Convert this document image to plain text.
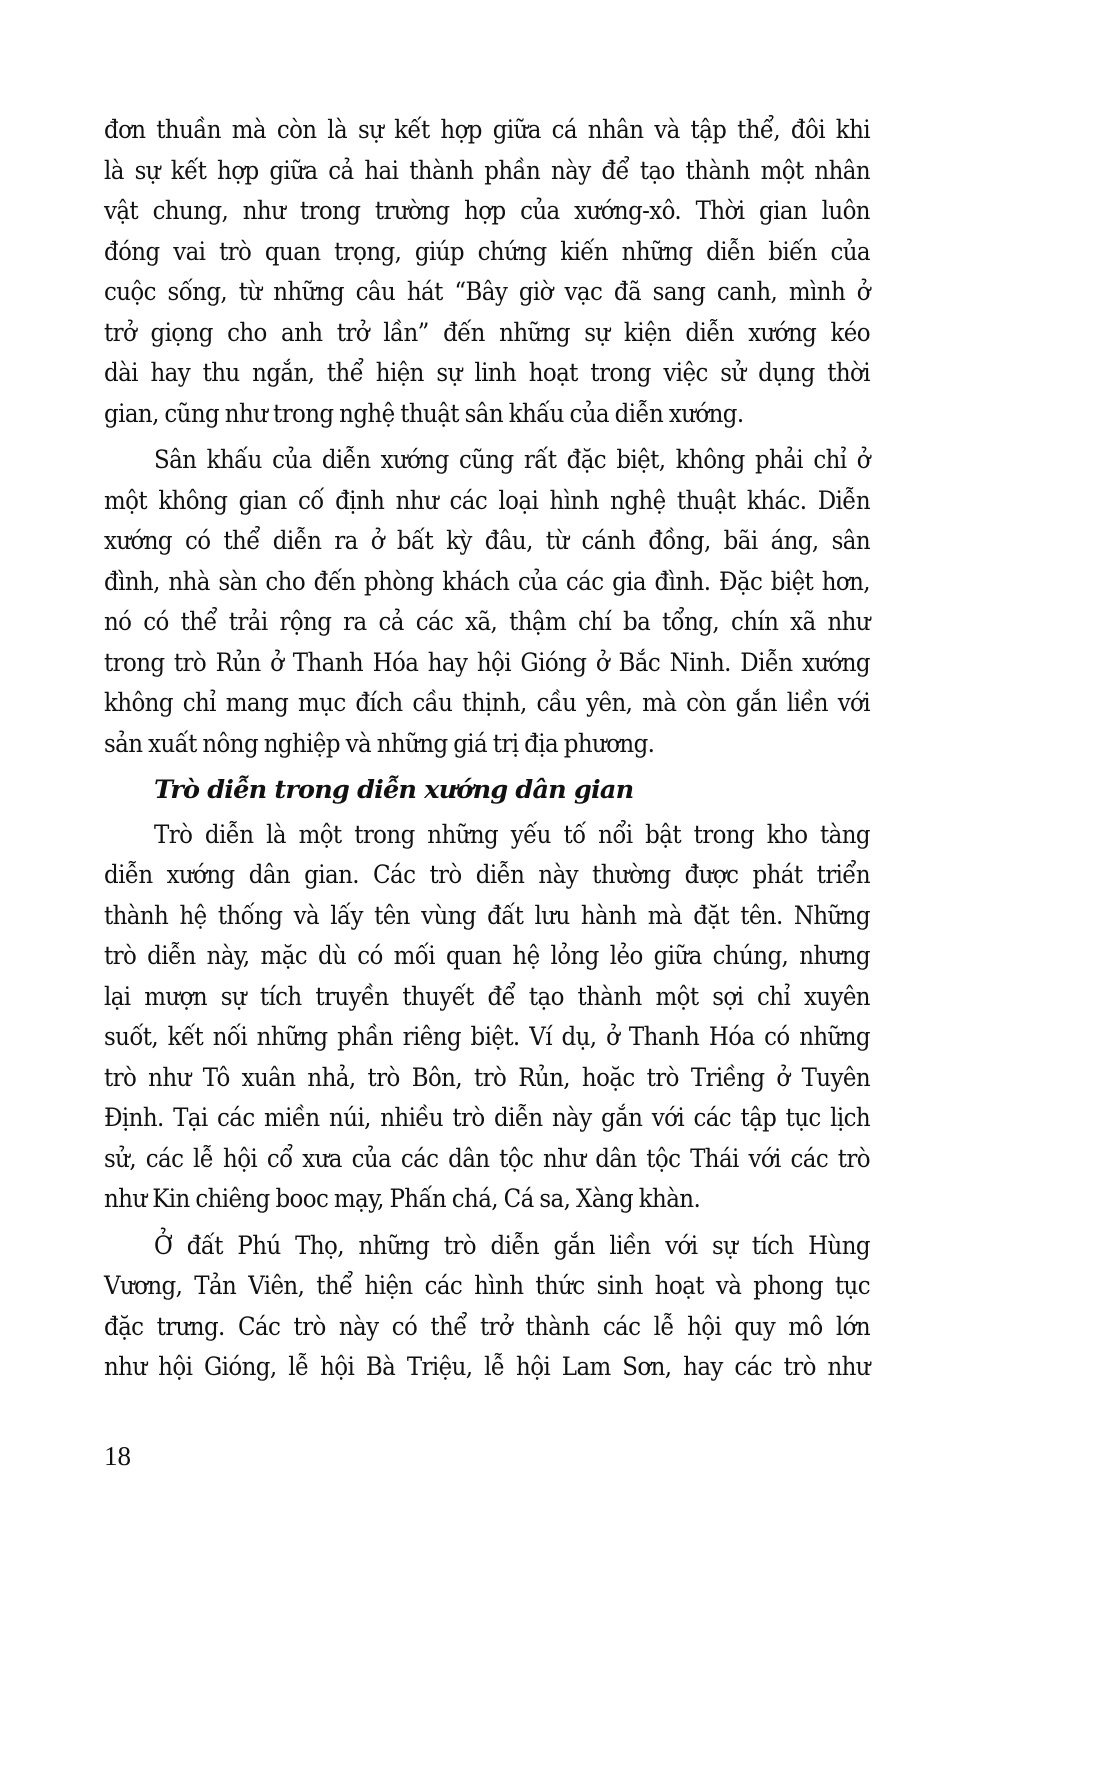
đơn thuần mà còn là sự kết hợp giữa cá nhân và tập thể, đôi khi
là sự kết hợp giữa cả hai thành phần này để tạo thành một nhân
vật chung, như trong trường hợp của xướng-xô. Thời gian luôn
đóng vai trò quan trọng, giúp chứng kiến những diễn biến của
cuộc sống, từ những câu hát “Bây giờ vạc đã sang canh, mình ở
trở giọng cho anh trở lần” đến những sự kiện diễn xướng kéo
dài hay thu ngắn, thể hiện sự linh hoạt trong việc sử dụng thời
gian, cũng như trong nghệ thuật sân khấu của diễn xướng.
Sân khấu của diễn xướng cũng rất đặc biệt, không phải chỉ ở
một không gian cố định như các loại hình nghệ thuật khác. Diễn
xướng có thể diễn ra ở bất kỳ đâu, từ cánh đồng, bãi áng, sân
đình, nhà sàn cho đến phòng khách của các gia đình. Đặc biệt hơn,
nó có thể trải rộng ra cả các xã, thậm chí ba tổng, chín xã như
trong trò Rủn ở Thanh Hóa hay hội Gióng ở Bắc Ninh. Diễn xướng
không chỉ mang mục đích cầu thịnh, cầu yên, mà còn gắn liền với
sản xuất nông nghiệp và những giá trị địa phương.
Trò diễn trong diễn xướng dân gian
Trò diễn là một trong những yếu tố nổi bật trong kho tàng
diễn xướng dân gian. Các trò diễn này thường được phát triển
thành hệ thống và lấy tên vùng đất lưu hành mà đặt tên. Những
trò diễn này, mặc dù có mối quan hệ lỏng lẻo giữa chúng, nhưng
lại mượn sự tích truyền thuyết để tạo thành một sợi chỉ xuyên
suốt, kết nối những phần riêng biệt. Ví dụ, ở Thanh Hóa có những
trò như Tô xuân nhả, trò Bôn, trò Rủn, hoặc trò Triềng ở Tuyên
Định. Tại các miền núi, nhiều trò diễn này gắn với các tập tục lịch
sử, các lễ hội cổ xưa của các dân tộc như dân tộc Thái với các trò
như Kin chiêng booc mạy, Phấn chá, Cá sa, Xàng khàn.
Ở đất Phú Thọ, những trò diễn gắn liền với sự tích Hùng
Vương, Tản Viên, thể hiện các hình thức sinh hoạt và phong tục
đặc trưng. Các trò này có thể trở thành các lễ hội quy mô lớn
như hội Gióng, lễ hội Bà Triệu, lễ hội Lam Sơn, hay các trò như
18
